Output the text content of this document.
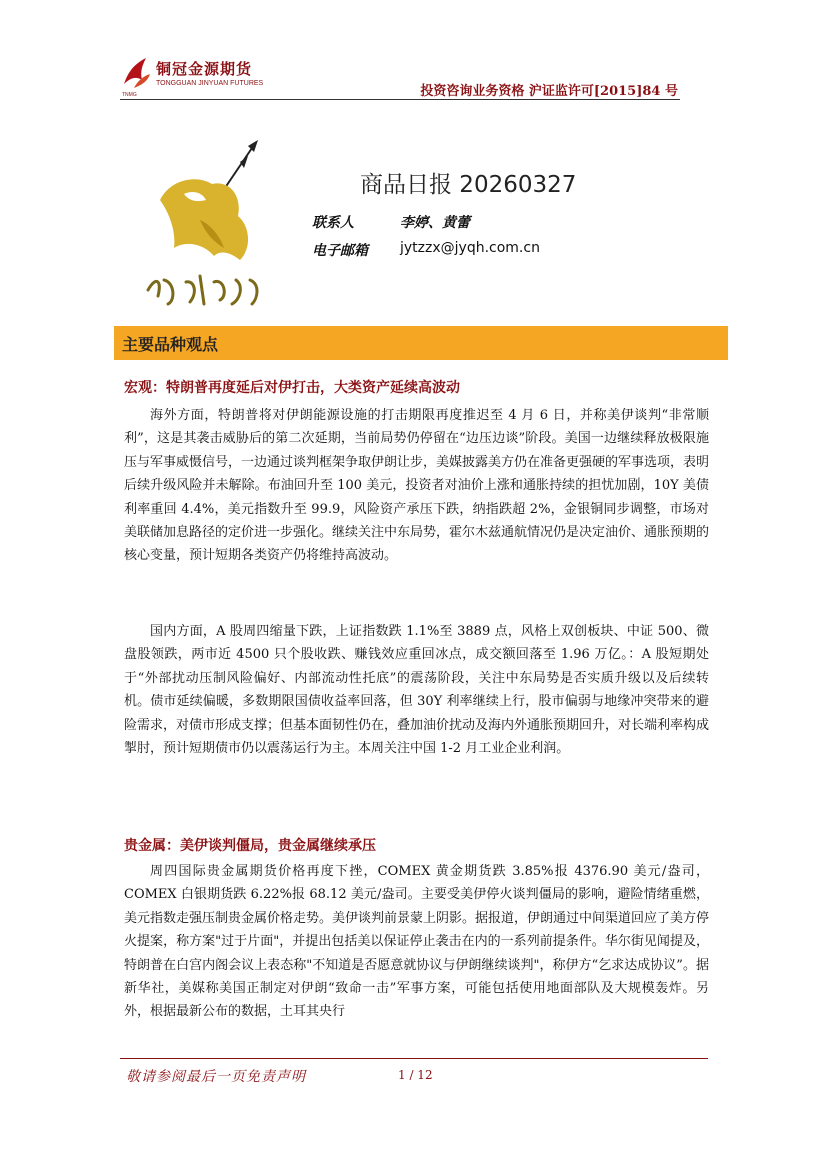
铜冠金源期货
TONGGUAN JINYUAN FUTURES
TNMG	投资咨询业务资格 沪证监许可[2015]84 号
商品日报 20260327
联系人	李婷、黄蕾
电子邮箱 jytzzx@jyqh.com.cn
主要品种观点
宏观：特朗普再度延后对伊打击，大类资产延续高波动

海外方面，特朗普将对伊朗能源设施的打击期限再度推迟至 4 月 6 日，并称美伊谈判“非常顺利”，这是其袭击威胁后的第二次延期，当前局势仍停留在“边压边谈”阶段。美国一边继续释放极限施压与军事威慑信号，一边通过谈判框架争取伊朗让步，美媒披露美方仍在准备更强硬的军事选项，表明后续升级风险并未解除。布油回升至 100 美元，投资者对油价上涨和通胀持续的担忧加剧，10Y 美债利率重回 4.4%，美元指数升至 99.9，风险资产承压下跌，纳指跌超 2%，金银铜同步调整，市场对美联储加息路径的定价进一步强化。继续关注中东局势，霍尔木兹通航情况仍是决定油价、通胀预期的核心变量，预计短期各类资产仍将维持高波动。

国内方面，A 股周四缩量下跌，上证指数跌 1.1%至 3889 点，风格上双创板块、中证 500、微盘股领跌，两市近 4500 只个股收跌、赚钱效应重回冰点，成交额回落至 1.96 万亿。：A 股短期处于“外部扰动压制风险偏好、内部流动性托底”的震荡阶段，关注中东局势是否实质升级以及后续转机。债市延续偏暖，多数期限国债收益率回落，但 30Y 利率继续上行，股市偏弱与地缘冲突带来的避险需求，对债市形成支撑；但基本面韧性仍在，叠加油价扰动及海内外通胀预期回升，对长端利率构成掣肘，预计短期债市仍以震荡运行为主。本周关注中国 1-2 月工业企业利润。

贵金属：美伊谈判僵局，贵金属继续承压

周四国际贵金属期货价格再度下挫，COMEX 黄金期货跌 3.85%报 4376.90 美元/盎司，COMEX 白银期货跌 6.22%报 68.12 美元/盎司。主要受美伊停火谈判僵局的影响，避险情绪重燃，美元指数走强压制贵金属价格走势。美伊谈判前景蒙上阴影。据报道，伊朗通过中间渠道回应了美方停火提案，称方案"过于片面"，并提出包括美以保证停止袭击在内的一系列前提条件。华尔街见闻提及，特朗普在白宫内阁会议上表态称"不知道是否愿意就协议与伊朗继续谈判"，称伊方“乞求达成协议”。据新华社，美媒称美国正制定对伊朗“致命一击”军事方案，可能包括使用地面部队及大规模轰炸。另外，根据最新公布的数据，土耳其央行

敬请参阅最后一页免责声明	1 / 12
